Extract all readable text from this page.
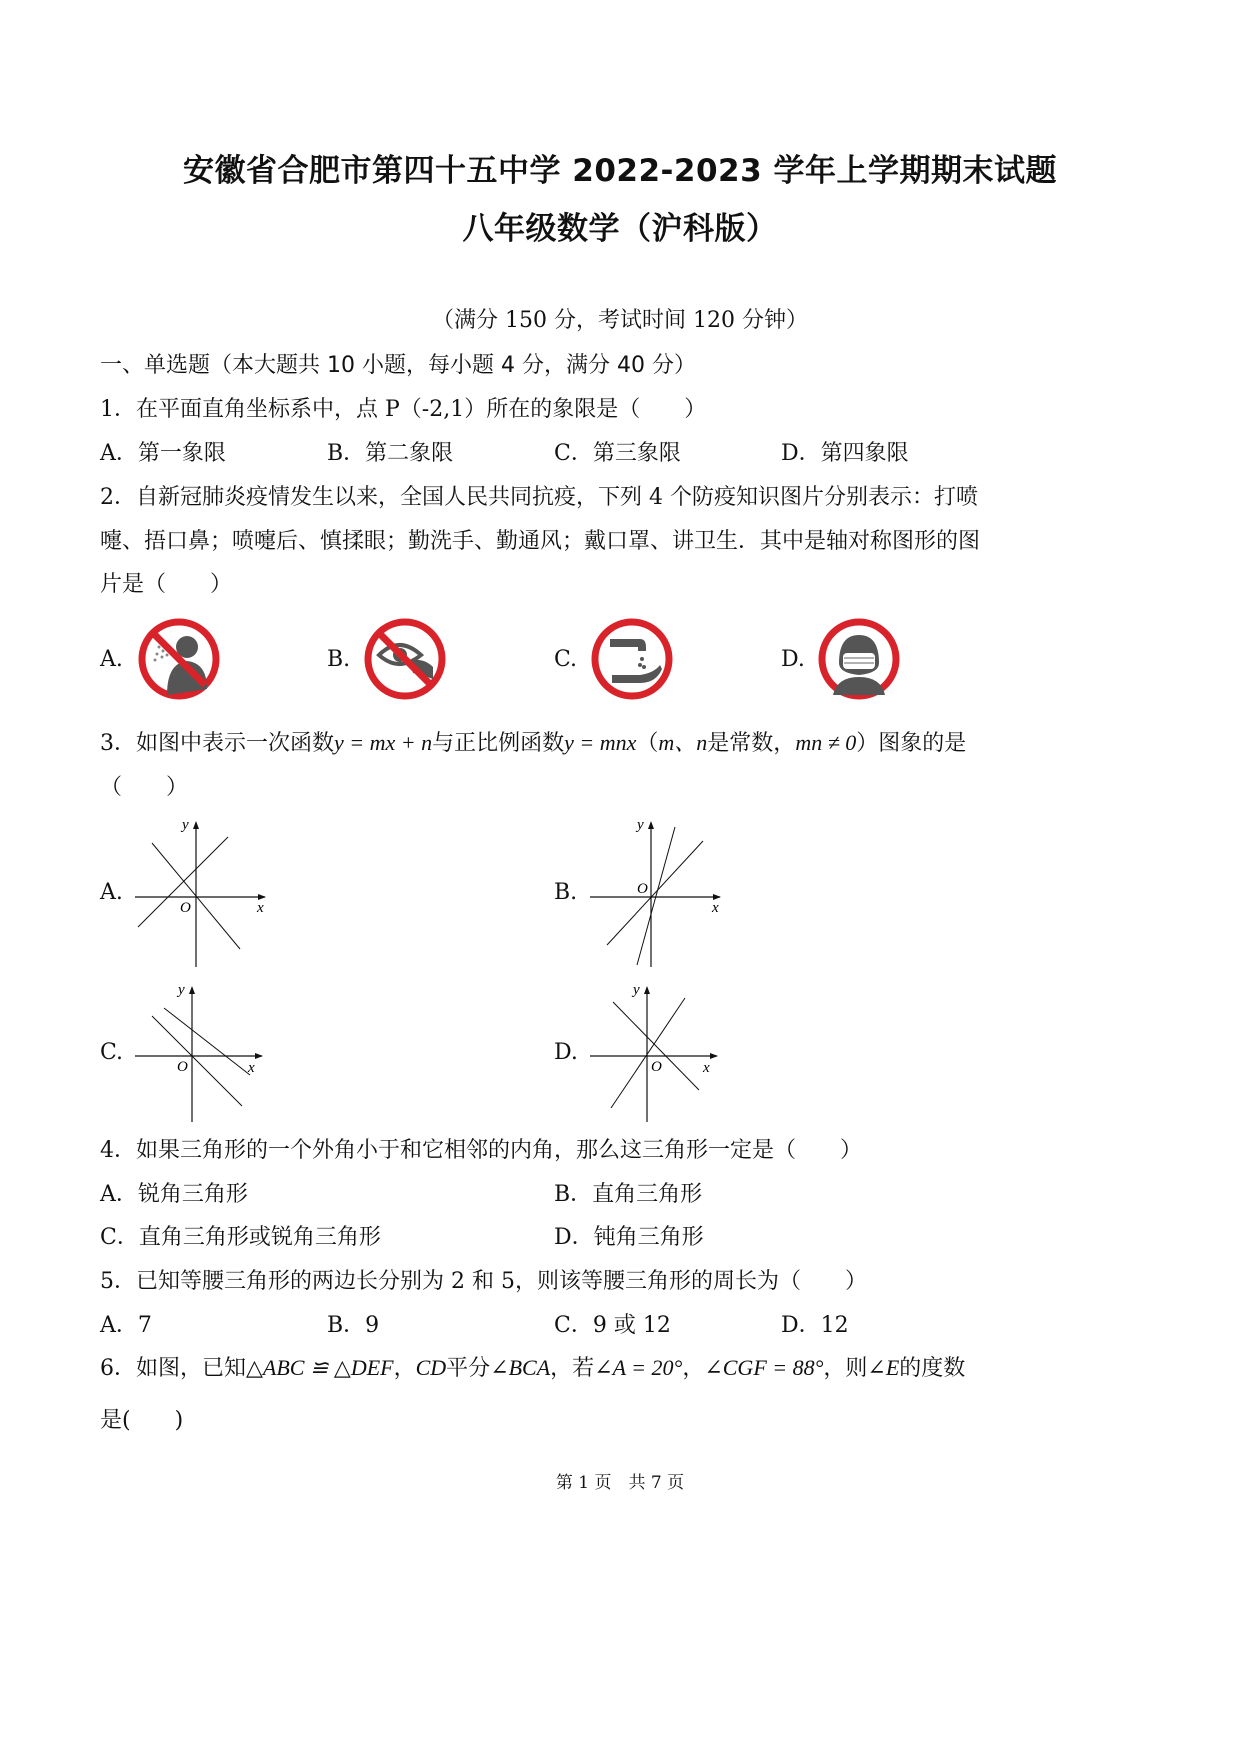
安徽省合肥市第四十五中学 2022-2023 学年上学期期末试题
八年级数学（沪科版）
（满分 150 分，考试时间 120 分钟）
一、单选题（本大题共 10 小题，每小题 4 分，满分 40 分）
1．在平面直角坐标系中，点 P（-2,1）所在的象限是（　　）
A．第一象限	B．第二象限	C．第三象限	D．第四象限
2．自新冠肺炎疫情发生以来，全国人民共同抗疫，下列 4 个防疫知识图片分别表示：打喷
嚏、捂口鼻；喷嚏后、慎揉眼；勤洗手、勤通风；戴口罩、讲卫生．其中是轴对称图形的图
片是（　　）
A.	B.	C.	D.
3．如图中表示一次函数y = mx + n与正比例函数y = mnx（m、n是常数，mn ≠ 0）图象的是
（　　）
A.	B.
C.	D.
y
x
O
y
x
O
y
x
O
y
x
O
4．如果三角形的一个外角小于和它相邻的内角，那么这三角形一定是（　　）
A．锐角三角形	B．直角三角形
C．直角三角形或锐角三角形	D．钝角三角形
5．已知等腰三角形的两边长分别为 2 和 5，则该等腰三角形的周长为（　　）
A．7	B．9	C．9 或 12	D．12
6．如图，已知△ABC ≌ △DEF，CD平分∠BCA，若∠A = 20°，∠CGF = 88°，则∠E的度数
是(　　)
第 1 页　共 7 页
